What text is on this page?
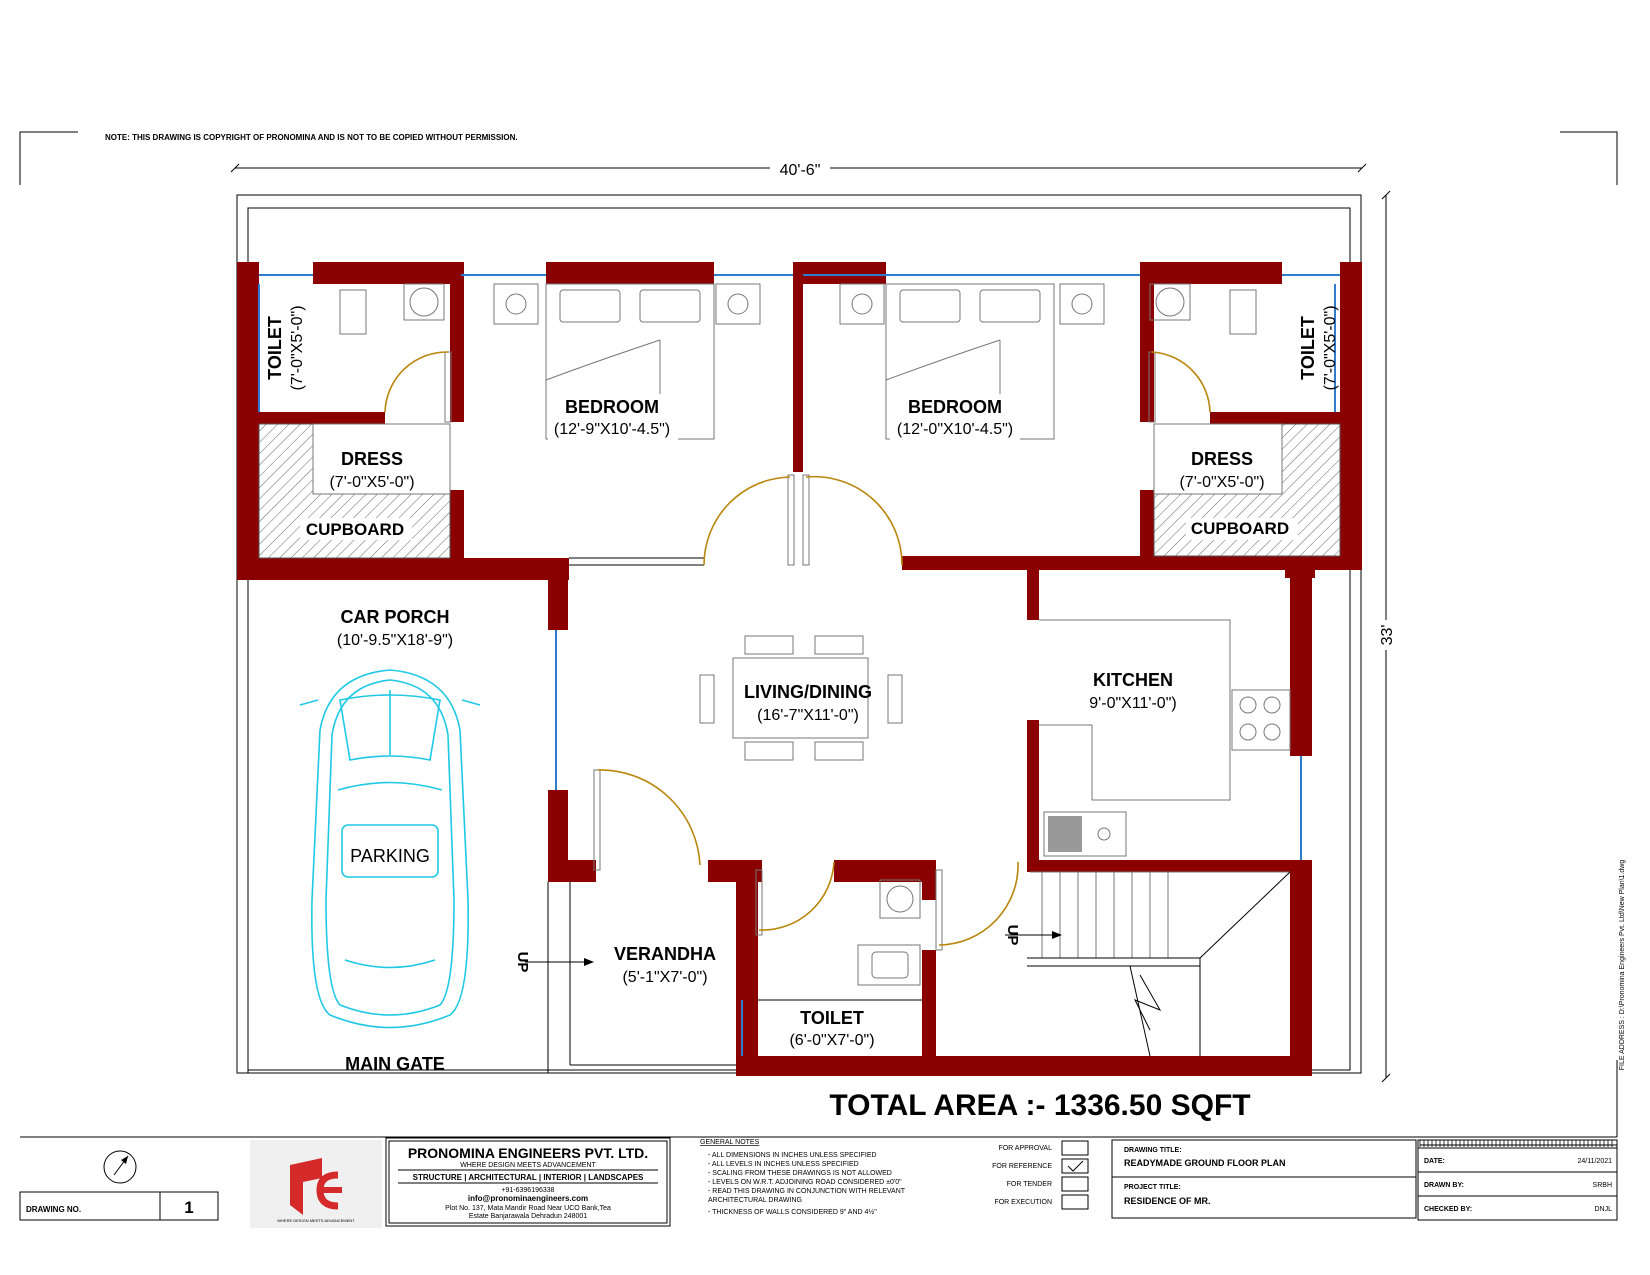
NOTE: THIS DRAWING IS COPYRIGHT OF PRONOMINA AND IS NOT TO BE COPIED WITHOUT PERMISSION.
40'-6"
33'
TOILET (7'-0"X5'-0")	TOILET (7'-0"X5'-0")
BEDROOM
(12'-9"X10'-4.5")
BEDROOM
(12'-0"X10'-4.5")
DRESS
(7'-0"X5'-0")
DRESS
(7'-0"X5'-0")
CUPBOARD	CUPBOARD
CAR PORCH
(10'-9.5"X18'-9")
PARKING
MAIN GATE
LIVING/DINING
(16'-7"X11'-0")
KITCHEN
9'-0"X11'-0")
VERANDHA
(5'-1"X7'-0")
TOILET
(6'-0"X7'-0")
UP
UP
TOTAL AREA :- 1336.50 SQFT
FILE ADDRESS : D:\Pronomina Engineers Pvt. Ltd\New Plan\1.dwg
DRAWING NO.	1
WHERE DESIGN MEETS ADVANCEMENT
PRONOMINA ENGINEERS PVT. LTD.
WHERE DESIGN MEETS ADVANCEMENT
STRUCTURE | ARCHITECTURAL | INTERIOR | LANDSCAPES
+91-6396196338
info@pronominaengineers.com
Plot No. 137, Mata Mandir Road Near UCO Bank,Tea
Estate Banjarawala Dehradun 248001
GENERAL NOTES
- ALL DIMENSIONS IN INCHES UNLESS SPECIFIED
- ALL LEVELS IN INCHES UNLESS SPECIFIED
- SCALING FROM THESE DRAWINGS IS NOT ALLOWED
- LEVELS ON W.R.T. ADJOINING ROAD CONSIDERED ±0'0"
- READ THIS DRAWING IN CONJUNCTION WITH RELEVANT
ARCHITECTURAL DRAWING
- THICKNESS OF WALLS CONSIDERED 9" AND 4½"
FOR APPROVAL
FOR REFERENCE
FOR TENDER
FOR EXECUTION
DRAWING TITLE:
READYMADE GROUND FLOOR PLAN
PROJECT TITLE:
RESIDENCE OF MR.
DATE:	24/11/2021
DRAWN BY:	SRBH
CHECKED BY:	DNJL
